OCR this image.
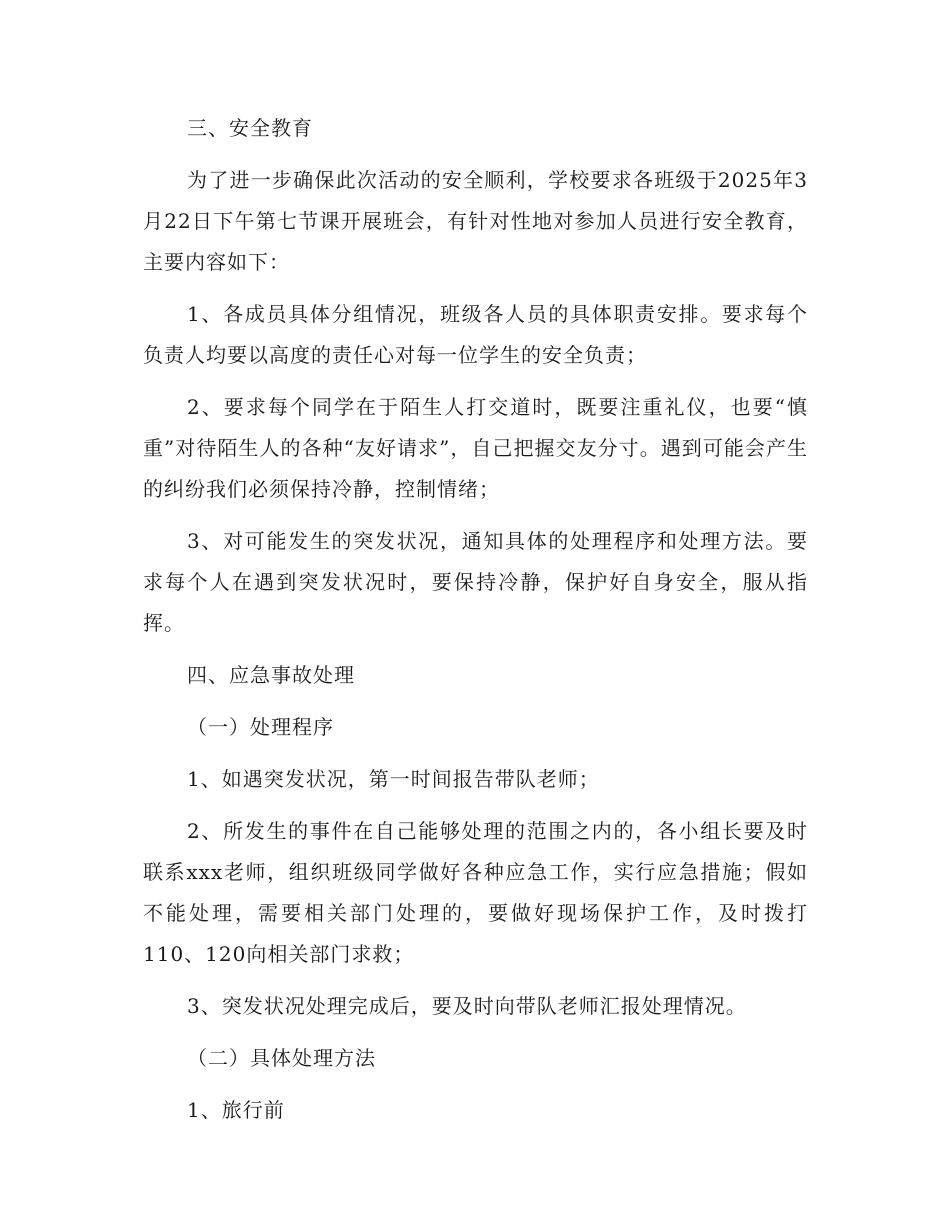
三、安全教育

为了进一步确保此次活动的安全顺利，学校要求各班级于2025年3月22日下午第七节课开展班会，有针对性地对参加人员进行安全教育，主要内容如下：

1、各成员具体分组情况，班级各人员的具体职责安排。要求每个负责人均要以高度的责任心对每一位学生的安全负责；

2、要求每个同学在于陌生人打交道时，既要注重礼仪，也要“慎重”对待陌生人的各种“友好请求”，自己把握交友分寸。遇到可能会产生的纠纷我们必须保持冷静，控制情绪；

3、对可能发生的突发状况，通知具体的处理程序和处理方法。要求每个人在遇到突发状况时，要保持冷静，保护好自身安全，服从指挥。

四、应急事故处理

（一）处理程序

1、如遇突发状况，第一时间报告带队老师；

2、所发生的事件在自己能够处理的范围之内的，各小组长要及时联系xxx老师，组织班级同学做好各种应急工作，实行应急措施；假如不能处理，需要相关部门处理的，要做好现场保护工作，及时拨打110、120向相关部门求救；

3、突发状况处理完成后，要及时向带队老师汇报处理情况。

（二）具体处理方法

1、旅行前
